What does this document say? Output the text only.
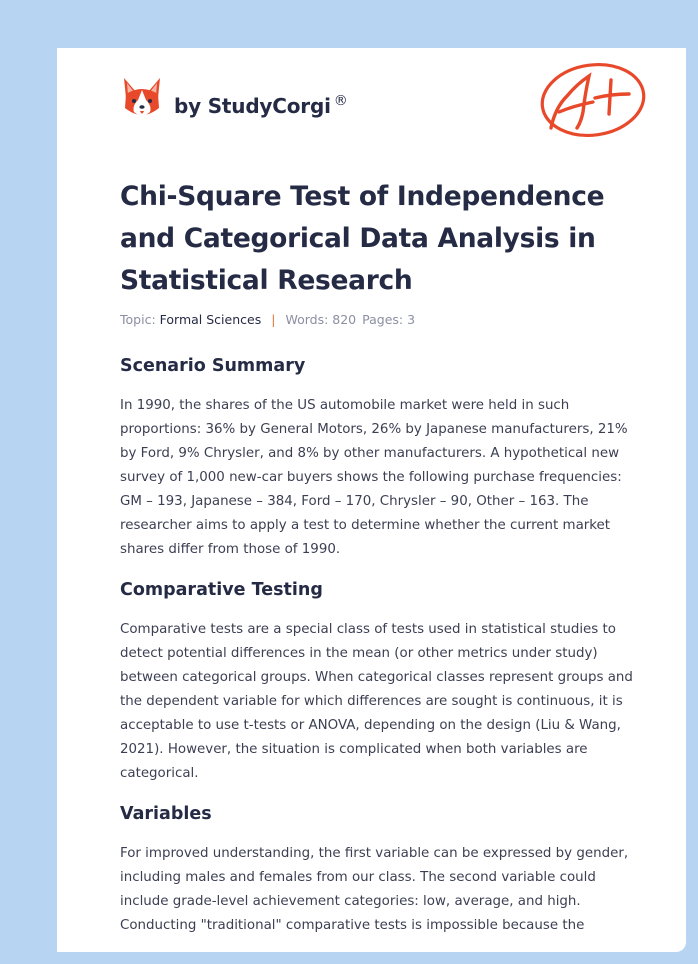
by StudyCorgi ®
Chi-Square Test of Independence and Categorical Data Analysis in Statistical Research
Topic: Formal Sciences | Words: 820 Pages: 3
Scenario Summary

In 1990, the shares of the US automobile market were held in such proportions: 36% by General Motors, 26% by Japanese manufacturers, 21% by Ford, 9% Chrysler, and 8% by other manufacturers. A hypothetical new survey of 1,000 new-car buyers shows the following purchase frequencies: GM – 193, Japanese – 384, Ford – 170, Chrysler – 90, Other – 163. The researcher aims to apply a test to determine whether the current market shares differ from those of 1990.

Comparative Testing

Comparative tests are a special class of tests used in statistical studies to detect potential differences in the mean (or other metrics under study) between categorical groups. When categorical classes represent groups and the dependent variable for which differences are sought is continuous, it is acceptable to use t-tests or ANOVA, depending on the design (Liu & Wang, 2021). However, the situation is complicated when both variables are categorical.

Variables

For improved understanding, the first variable can be expressed by gender, including males and females from our class. The second variable could include grade-level achievement categories: low, average, and high. Conducting "traditional" comparative tests is impossible because the
